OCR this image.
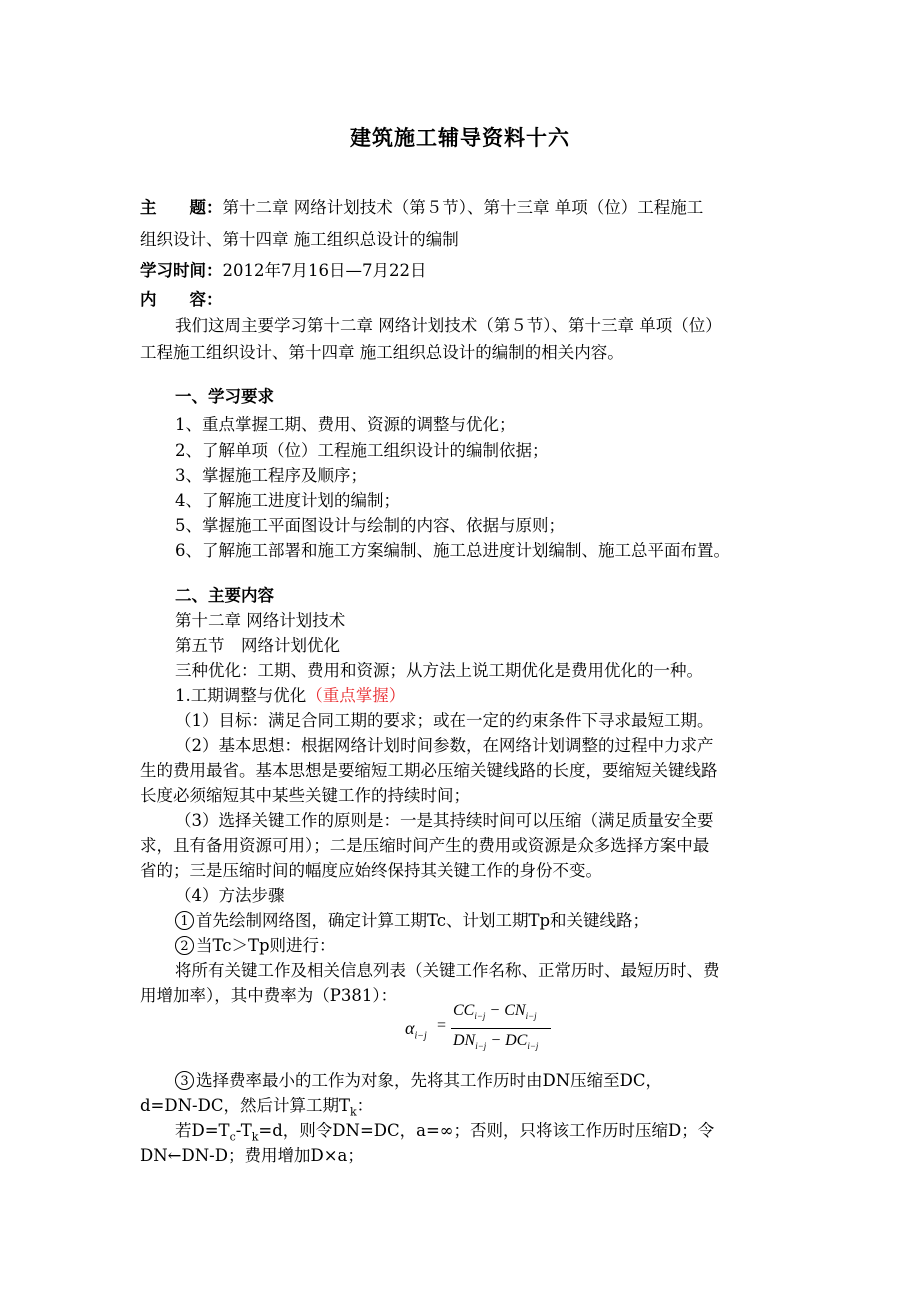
建筑施工辅导资料十六
主　　题：第十二章 网络计划技术（第５节）、第十三章 单项（位）工程施工
组织设计、第十四章 施工组织总设计的编制
学习时间：2012年7月16日—7月22日
内　　容：
我们这周主要学习第十二章 网络计划技术（第５节）、第十三章 单项（位）
工程施工组织设计、第十四章 施工组织总设计的编制的相关内容。
一、学习要求
1、重点掌握工期、费用、资源的调整与优化；
2、了解单项（位）工程施工组织设计的编制依据；
3、掌握施工程序及顺序；
4、了解施工进度计划的编制；
5、掌握施工平面图设计与绘制的内容、依据与原则；
6、了解施工部署和施工方案编制、施工总进度计划编制、施工总平面布置。
二、主要内容
第十二章 网络计划技术
第五节　网络计划优化
三种优化：工期、费用和资源；从方法上说工期优化是费用优化的一种。
1.工期调整与优化（重点掌握）
（1）目标：满足合同工期的要求；或在一定的约束条件下寻求最短工期。
（2）基本思想：根据网络计划时间参数，在网络计划调整的过程中力求产
生的费用最省。基本思想是要缩短工期必压缩关键线路的长度，要缩短关键线路
长度必须缩短其中某些关键工作的持续时间；
（3）选择关键工作的原则是：一是其持续时间可以压缩（满足质量安全要
求，且有备用资源可用）；二是压缩时间产生的费用或资源是众多选择方案中最
省的；三是压缩时间的幅度应始终保持其关键工作的身份不变。
（4）方法步骤
1 首先绘制网络图，确定计算工期Tc、计划工期Tp和关键线路；
2 当Tc＞Tp则进行：
将所有关键工作及相关信息列表（关键工作名称、正常历时、最短历时、费
用增加率），其中费率为（P381）：
$\alpha_{i-j}$
=
$CC_{i-j} - CN_{i-j}$
$DN_{i-j} - DC_{i-j}$
3 选择费率最小的工作为对象，先将其工作历时由DN压缩至DC，
d=DN-DC，然后计算工期$T_k$：
若$D=T_c-T_k=d$，则令DN=DC，a=∞；否则，只将该工作历时压缩D；令
DN←DN-D；费用增加D×a；
